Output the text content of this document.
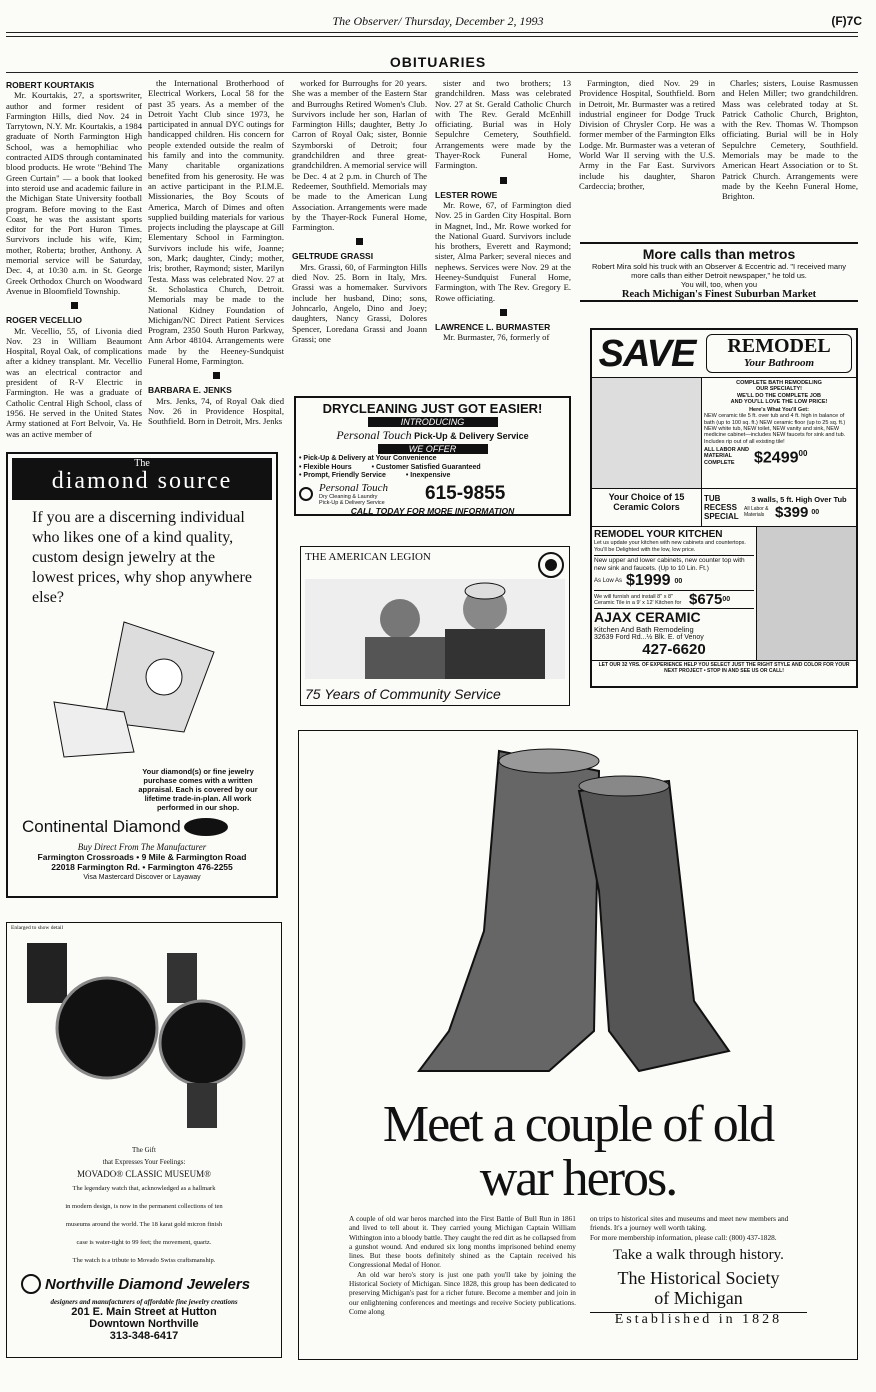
The Observer/ Thursday, December 2, 1993	(F)7C
OBITUARIES
ROBERT KOURTAKIS

Mr. Kourtakis, 27, a sportswriter, author and former resident of Farmington Hills, died Nov. 24 in Tarrytown, N.Y. Mr. Kourtakis, a 1984 graduate of North Farmington High School, was a hemophiliac who contracted AIDS through contaminated blood products. He wrote "Behind The Green Curtain" — a book that looked into steroid use and academic failure in the Michigan State University football program. Before moving to the East Coast, he was the assistant sports editor for the Port Huron Times. Survivors include his wife, Kim; mother, Roberta; brother, Anthony. A memorial service will be Saturday, Dec. 4, at 10:30 a.m. in St. George Greek Orthodox Church on Woodward Avenue in Bloomfield Township.

ROGER VECELLIO

Mr. Vecellio, 55, of Livonia died Nov. 23 in William Beaumont Hospital, Royal Oak, of complications after a kidney transplant. Mr. Vecellio was an electrical contractor and president of R-V Electric in Farmington. He was a graduate of Catholic Central High School, class of 1956. He served in the United States Army stationed at Fort Belvoir, Va. He was an active member of

the International Brotherhood of Electrical Workers, Local 58 for the past 35 years. As a member of the Detroit Yacht Club since 1973, he participated in annual DYC outings for handicapped children. His concern for people extended outside the realm of his family and into the community. Many charitable organizations benefited from his generosity. He was an active participant in the P.I.M.E. Missionaries, the Boy Scouts of America, March of Dimes and often supplied building materials for various projects including the playscape at Gill Elementary School in Farmington. Survivors include his wife, Joanne; son, Mark; daughter, Cindy; mother, Iris; brother, Raymond; sister, Marilyn Testa. Mass was celebrated Nov. 27 at St. Scholastica Church, Detroit. Memorials may be made to the National Kidney Foundation of Michigan/NC Direct Patient Services Program, 2350 South Huron Parkway, Ann Arbor 48104. Arrangements were made by the Heeney-Sundquist Funeral Home, Farmington.

BARBARA E. JENKS

Mrs. Jenks, 74, of Royal Oak died Nov. 26 in Providence Hospital, Southfield. Born in Detroit, Mrs. Jenks

worked for Burroughs for 20 years. She was a member of the Eastern Star and Burroughs Retired Women's Club. Survivors include her son, Harlan of Farmington Hills; daughter, Betty Jo Carron of Royal Oak; sister, Bonnie Szymborski of Detroit; four grandchildren and three great-grandchildren. A memorial service will be Dec. 4 at 2 p.m. in Church of The Redeemer, Southfield. Memorials may be made to the American Lung Association. Arrangements were made by the Thayer-Rock Funeral Home, Farmington.

GELTRUDE GRASSI

Mrs. Grassi, 60, of Farmington Hills died Nov. 25. Born in Italy, Mrs. Grassi was a homemaker. Survivors include her husband, Dino; sons, Johncarlo, Angelo, Dino and Joey; daughters, Nancy Grassi, Dolores Spencer, Loredana Grassi and Joann Grassi; one

sister and two brothers; 13 grandchildren. Mass was celebrated Nov. 27 at St. Gerald Catholic Church with The Rev. Gerald McEnhill officiating. Burial was in Holy Sepulchre Cemetery, Southfield. Arrangements were made by the Thayer-Rock Funeral Home, Farmington.

LESTER ROWE

Mr. Rowe, 67, of Farmington died Nov. 25 in Garden City Hospital. Born in Magnet, Ind., Mr. Rowe worked for the National Guard. Survivors include his brothers, Everett and Raymond; sister, Alma Parker; several nieces and nephews. Services were Nov. 29 at the Heeney-Sundquist Funeral Home, Farmington, with The Rev. Gregory E. Rowe officiating.

LAWRENCE L. BURMASTER

Mr. Burmaster, 76, formerly of

Farmington, died Nov. 29 in Providence Hospital, Southfield. Born in Detroit, Mr. Burmaster was a retired industrial engineer for Dodge Truck Division of Chrysler Corp. He was a former member of the Farmington Elks Lodge. Mr. Burmaster was a veteran of World War II serving with the U.S. Army in the Far East. Survivors include his daughter, Sharon Cardeccia; brother,

Charles; sisters, Louise Rasmussen and Helen Miller; two grandchildren. Mass was celebrated today at St. Patrick Catholic Church, Brighton, with the Rev. Thomas W. Thompson officiating. Burial will be in Holy Sepulchre Cemetery, Southfield. Memorials may be made to the American Heart Association or to St. Patrick Church. Arrangements were made by the Keehn Funeral Home, Brighton.

More calls than metros
Robert Mira sold his truck with an Observer & Eccentric ad. "I received many more calls than either Detroit newspaper," he told us.
You will, too, when you
Reach Michigan's Finest Suburban Market
DRYCLEANING JUST GOT EASIER!
INTRODUCING
Personal Touch Pick-Up & Delivery Service
WE OFFER
• Pick-Up & Delivery at Your Convenience
• Flexible Hours	• Customer Satisfied Guaranteed
• Prompt, Friendly Service	• Inexpensive
Personal Touch
Dry Cleaning & Laundry
Pick-Up & Delivery Service	615-9855
CALL TODAY FOR MORE INFORMATION
THE AMERICAN LEGION
75 Years of Community Service
SAVE	REMODEL
Your Bathroom
COMPLETE BATH REMODELING
OUR SPECIALTY!
WE'LL DO THE COMPLETE JOB
AND YOU'LL LOVE THE LOW PRICE!
Here's What You'll Get:
NEW ceramic tile 5 ft. over tub and 4 ft. high in balance of bath (up to 100 sq. ft.) NEW ceramic floor (up to 25 sq. ft.) NEW white tub, NEW toilet, NEW vanity and sink, NEW medicine cabinet—includes NEW faucets for sink and tub. Includes rip out of all existing tile!
ALL LABOR AND MATERIAL COMPLETE	$2499$^{00}$
Your Choice of 15 Ceramic Colors
TUB RECESS SPECIAL
3 walls, 5 ft. High Over Tub
All Labor & Materials $399 00
REMODEL YOUR KITCHEN
Let us update your kitchen with new cabinets and countertops. You'll be Delighted with the low, low price.
New upper and lower cabinets, new counter top with new sink and faucets. (Up to 10 Lin. Ft.)
As Low As $1999 00
We will furnish and install 8" x 8" Ceramic Tile in a 9' x 12' Kitchen for $675 00
AJAX CERAMIC
Kitchen And Bath Remodeling
32639 Ford Rd...½ Blk. E. of Venoy
427-6620
LET OUR 32 YRS. OF EXPERIENCE HELP YOU SELECT JUST THE RIGHT STYLE AND COLOR FOR YOUR NEXT PROJECT • STOP IN AND SEE US OR CALL!
The
diamond source
If you are a discerning individual who likes one of a kind quality, custom design jewelry at the lowest prices, why shop anywhere else?
Your diamond(s) or fine jewelry purchase comes with a written appraisal. Each is covered by our lifetime trade-in-plan. All work performed in our shop.
Continental Diamond
Buy Direct From The Manufacturer
Farmington Crossroads • 9 Mile & Farmington Road
22018 Farmington Rd. • Farmington 476-2255
Visa Mastercard Discover or Layaway
Enlarged to show detail
The Gift
that Expresses Your Feelings:
MOVADO® CLASSIC MUSEUM®
The legendary watch that, acknowledged as a hallmark
in modern design, is now in the permanent collections of ten
museums around the world. The 18 karat gold micron finish
case is water-tight to 99 feet; the movement, quartz.
The watch is a tribute to Movado Swiss craftsmanship.
Northville Diamond Jewelers
designers and manufacturers of affordable fine jewelry creations
201 E. Main Street at Hutton
Downtown Northville
313-348-6417
Meet a couple of old
war heros.

A couple of old war heros marched into the First Battle of Bull Run in 1861 and lived to tell about it. They carried young Michigan Captain William Withington into a bloody battle. They caught the red dirt as he collapsed from a gunshot wound. And endured six long months imprisoned behind enemy lines. But these boots definitely shined as the Captain received his Congressional Medal of Honor.

An old war hero's story is just one path you'll take by joining the Historical Society of Michigan. Since 1828, this group has been dedicated to preserving Michigan's past for a richer future. Become a member and join in our enlightening conferences and meetings and receive Society publications. Come along

on trips to historical sites and museums and meet new members and friends. It's a journey well worth taking.

For more membership information, please call: (800) 437-1828.

Take a walk through history.
The Historical Society
of Michigan
Established in 1828
